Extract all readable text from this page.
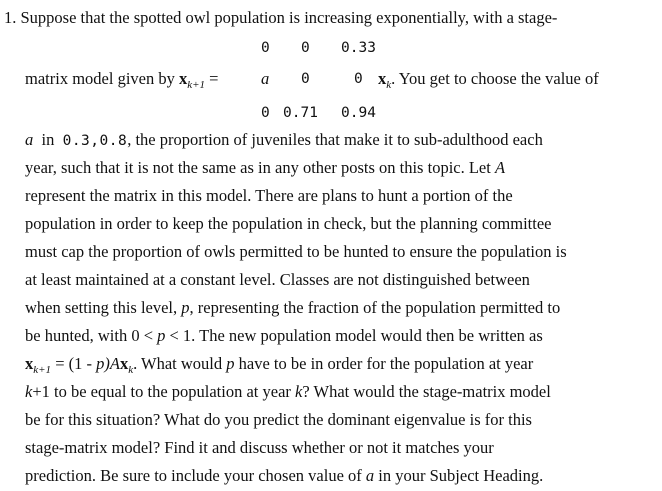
1. Suppose that the spotted owl population is increasing exponentially, with a stage-
0 0 0.33
matrix model given by $x_{k+1}$ =	a 0	0 $x_k$. You get to choose the value of
0 0.71 0.94
a in 0.3,0.8, the proportion of juveniles that make it to sub-adulthood each
year, such that it is not the same as in any other posts on this topic. Let A
represent the matrix in this model. There are plans to hunt a portion of the
population in order to keep the population in check, but the planning committee
must cap the proportion of owls permitted to be hunted to ensure the population is
at least maintained at a constant level. Classes are not distinguished between
when setting this level, p, representing the fraction of the population permitted to
be hunted, with 0 < p < 1. The new population model would then be written as
$x_{k+1} = (1 - p)Ax_k$. What would p have to be in order for the population at year
k+1 to be equal to the population at year k? What would the stage-matrix model
be for this situation? What do you predict the dominant eigenvalue is for this
stage-matrix model? Find it and discuss whether or not it matches your
prediction. Be sure to include your chosen value of a in your Subject Heading.
